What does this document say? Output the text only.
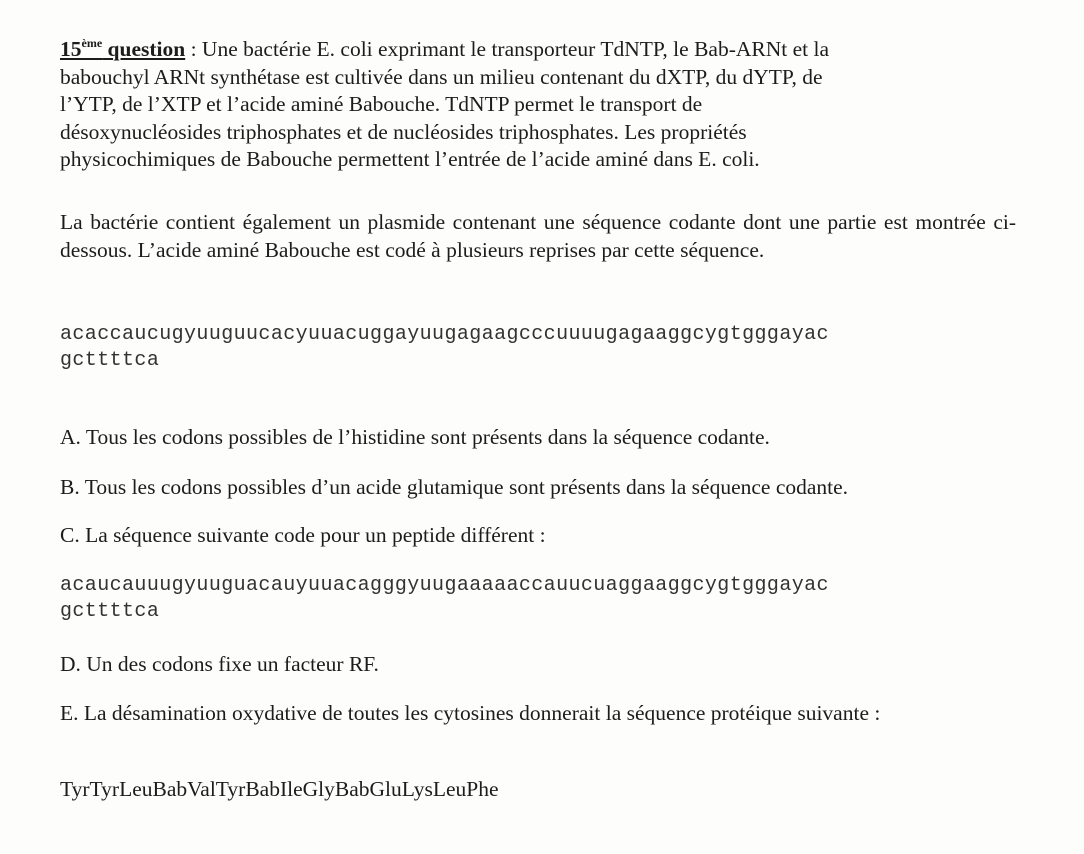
15ème question : Une bactérie E. coli exprimant le transporteur TdNTP, le Bab-ARNt et la
babouchyl ARNt synthétase est cultivée dans un milieu contenant du dXTP, du dYTP, de
l’YTP, de l’XTP et l’acide aminé Babouche. TdNTP permet le transport de
désoxynucléosides triphosphates et de nucléosides triphosphates. Les propriétés
physicochimiques de Babouche permettent l’entrée de l’acide aminé dans E. coli.

La bactérie contient également un plasmide contenant une séquence codante dont une partie est montrée ci-dessous. L’acide aminé Babouche est codé à plusieurs reprises par cette séquence.

acaccaucugyuuguucacyuuacuggayuugagaagcccuuuugagaaggcygtgggayac
gcttttca

A. Tous les codons possibles de l’histidine sont présents dans la séquence codante.

B. Tous les codons possibles d’un acide glutamique sont présents dans la séquence codante.

C. La séquence suivante code pour un peptide différent :

acaucauuugyuuguacauyuuacagggyuugaaaaaccauucuaggaaggcygtgggayac
gcttttca

D. Un des codons fixe un facteur RF.

E. La désamination oxydative de toutes les cytosines donnerait la séquence protéique suivante :

TyrTyrLeuBabValTyrBabIleGlyBabGluLysLeuPhe
